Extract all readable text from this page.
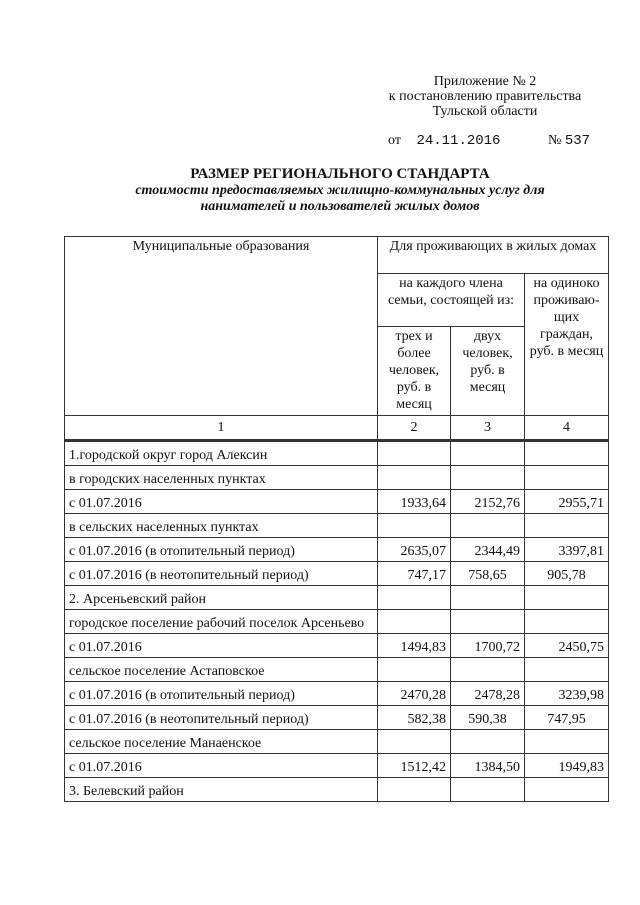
Приложение № 2
к постановлению правительства
Тульской области
от 24.11.2016	№ 537
РАЗМЕР РЕГИОНАЛЬНОГО СТАНДАРТА
стоимости предоставляемых жилищно-коммунальных услуг для
нанимателей и пользователей жилых домов
Муниципальные образования	Для проживающих в жилых домах		
	на каждого члена семьи, состоящей из:		на одиноко проживаю-щих граждан, руб. в месяц
	трех и более человек, руб. в месяц	двух человек, руб. в месяц	
1	2	3	4
1.городской округ город Алексин			
в городских населенных пунктах			
с 01.07.2016	1933,64	2152,76	2955,71
в сельских населенных пунктах			
с 01.07.2016 (в отопительный период)	2635,07	2344,49	3397,81
с 01.07.2016 (в неотопительный период)	747,17	758,65	905,78
2. Арсеньевский район			
городское поселение рабочий поселок Арсеньево			
с 01.07.2016	1494,83	1700,72	2450,75
сельское поселение Астаповское			
с 01.07.2016 (в отопительный период)	2470,28	2478,28	3239,98
с 01.07.2016 (в неотопительный период)	582,38	590,38	747,95
сельское поселение Манаенское			
с 01.07.2016	1512,42	1384,50	1949,83
3. Белевский район			
